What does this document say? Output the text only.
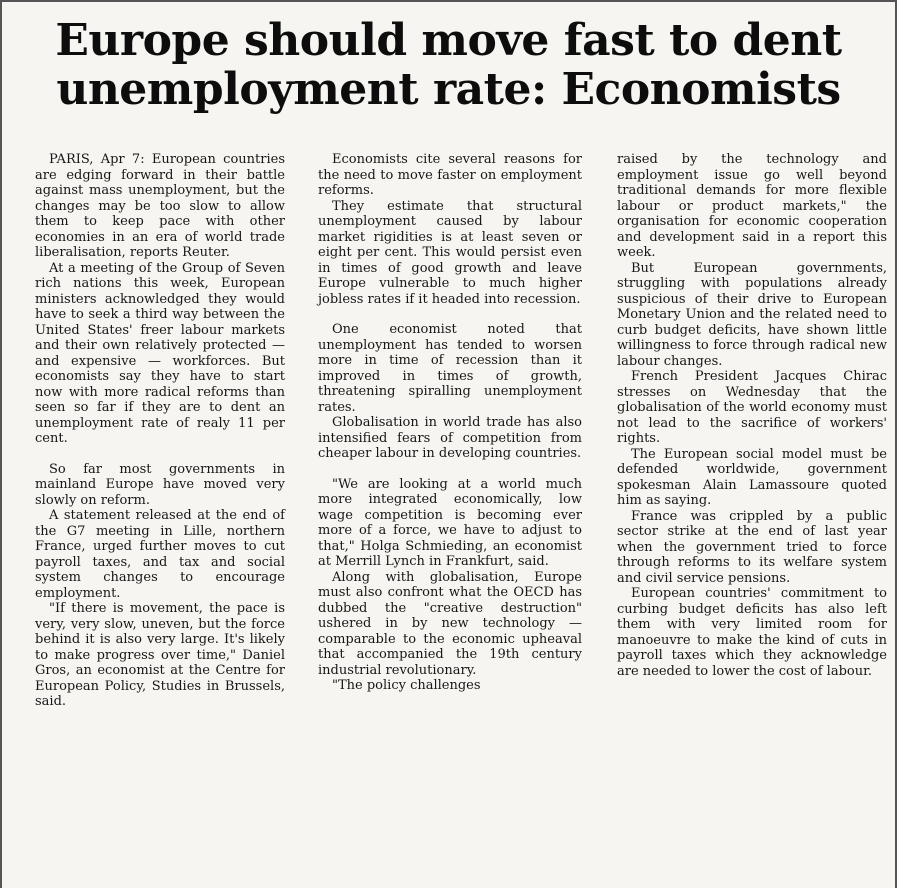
Europe should move fast to dent unemployment rate: Economists

PARIS, Apr 7: European countries are edging forward in their battle against mass unemployment, but the changes may be too slow to allow them to keep pace with other economies in an era of world trade liberalisation, reports Reuter.

At a meeting of the Group of Seven rich nations this week, European ministers acknowledged they would have to seek a third way between the United States' freer labour markets and their own relatively protected — and expensive — workforces. But economists say they have to start now with more radical reforms than seen so far if they are to dent an unemployment rate of realy 11 per cent.

So far most governments in mainland Europe have moved very slowly on reform.

A statement released at the end of the G7 meeting in Lille, northern France, urged further moves to cut payroll taxes, and tax and social system changes to encourage employment.

"If there is movement, the pace is very, very slow, uneven, but the force behind it is also very large. It's likely to make progress over time," Daniel Gros, an economist at the Centre for European Policy, Studies in Brussels, said.

Economists cite several reasons for the need to move faster on employment reforms.

They estimate that structural unemployment caused by labour market rigidities is at least seven or eight per cent. This would persist even in times of good growth and leave Europe vulnerable to much higher jobless rates if it headed into recession.

One economist noted that unemployment has tended to worsen more in time of recession than it improved in times of growth, threatening spiralling unemployment rates.

Globalisation in world trade has also intensified fears of competition from cheaper labour in developing countries.

"We are looking at a world much more integrated economically, low wage competition is becoming ever more of a force, we have to adjust to that," Holga Schmieding, an economist at Merrill Lynch in Frankfurt, said.

Along with globalisation, Europe must also confront what the OECD has dubbed the "creative destruction" ushered in by new technology — comparable to the economic upheaval that accompanied the 19th century industrial revolutionary.

"The policy challenges

raised by the technology and employment issue go well beyond traditional demands for more flexible labour or product markets," the organisation for economic cooperation and development said in a report this week.

But European governments, struggling with populations already suspicious of their drive to European Monetary Union and the related need to curb budget deficits, have shown little willingness to force through radical new labour changes.

French President Jacques Chirac stresses on Wednesday that the globalisation of the world economy must not lead to the sacrifice of workers' rights.

The European social model must be defended worldwide, government spokesman Alain Lamassoure quoted him as saying.

France was crippled by a public sector strike at the end of last year when the government tried to force through reforms to its welfare system and civil service pensions.

European countries' commitment to curbing budget deficits has also left them with very limited room for manoeuvre to make the kind of cuts in payroll taxes which they acknowledge are needed to lower the cost of labour.
